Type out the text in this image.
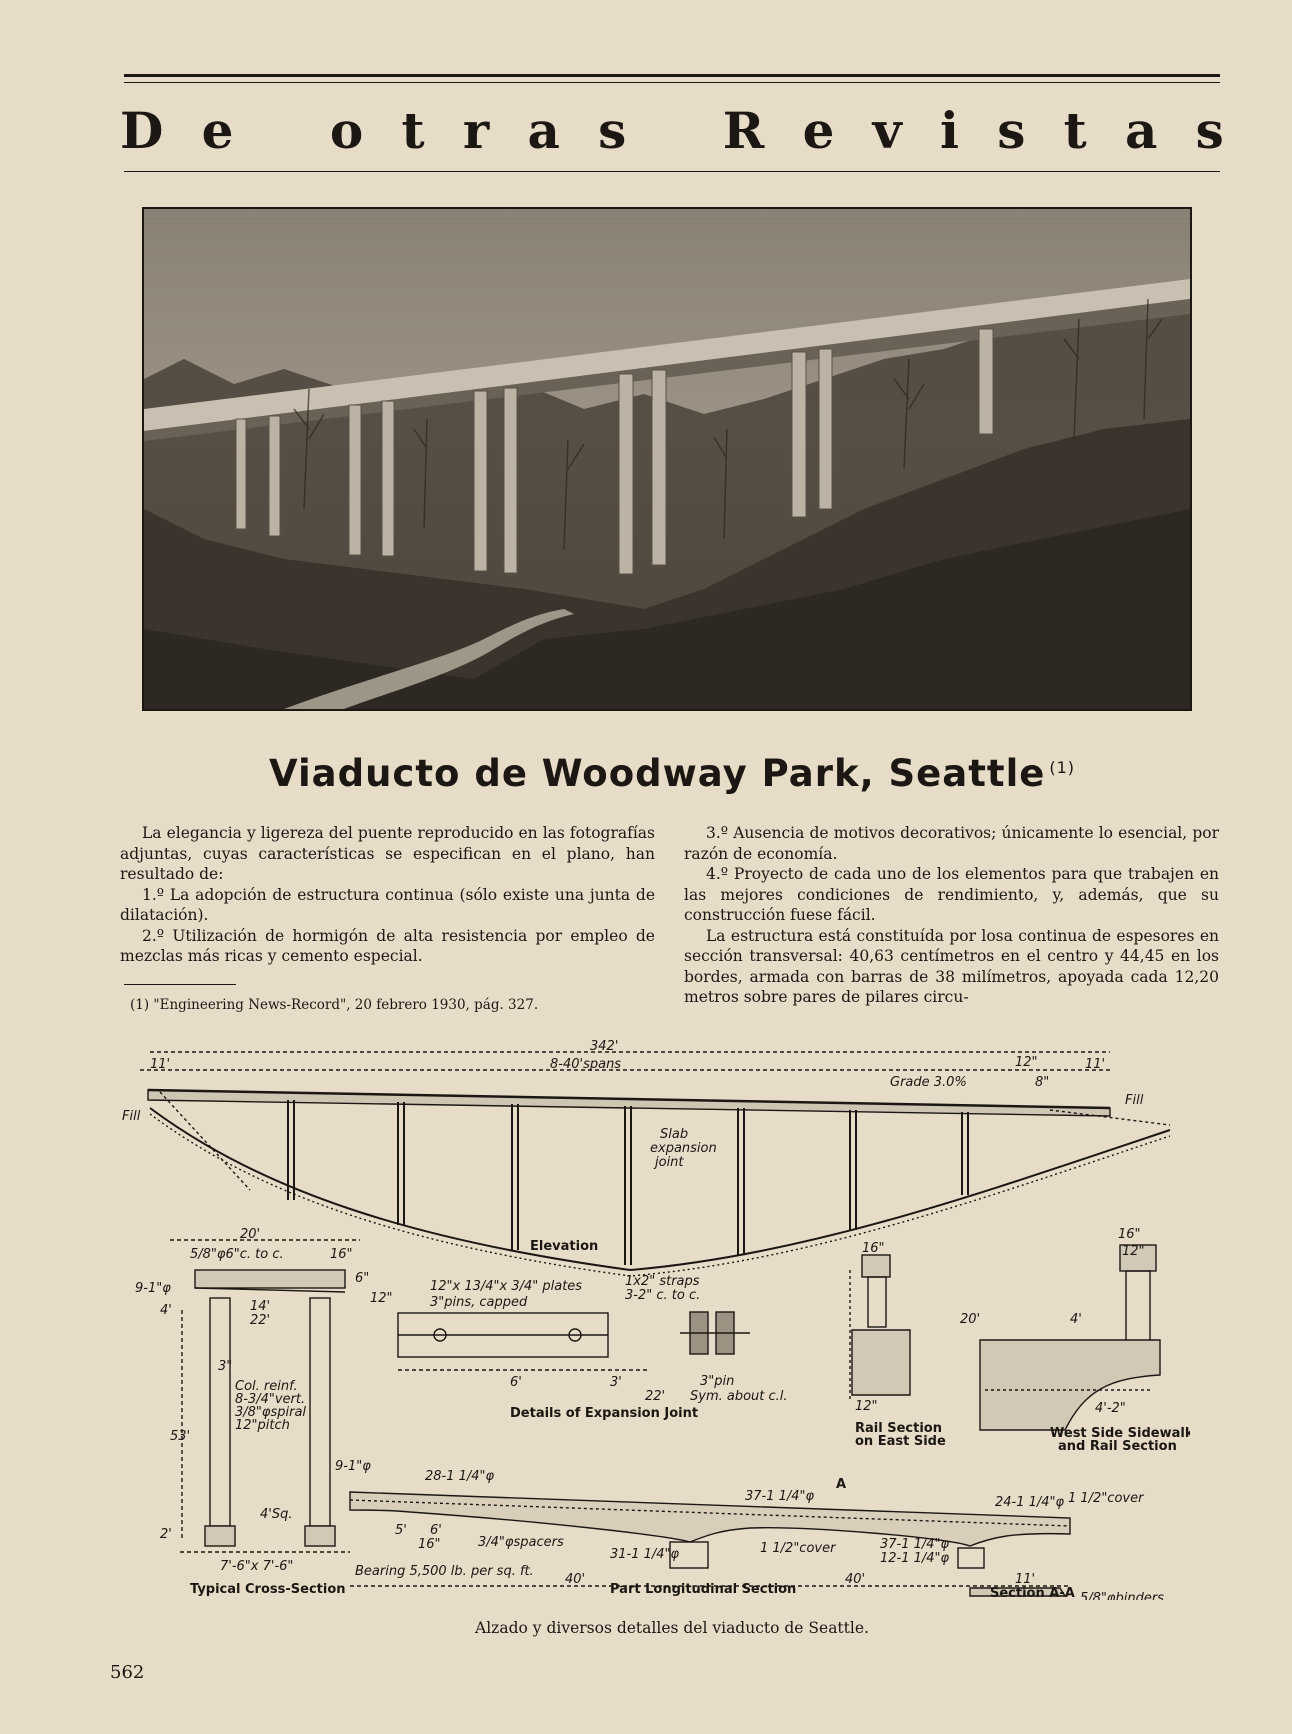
D e o t r a s R e v i s t a s
Viaducto de Woodway Park, Seattle $^{(1)}$

La elegancia y ligereza del puente reproducido en las fotografías adjuntas, cuyas características se especifican en el plano, han resultado de:

1.º La adopción de estructura continua (sólo existe una junta de dilatación).

2.º Utilización de hormigón de alta resistencia por empleo de mezclas más ricas y cemento especial.

(1) "Engineering News-Record", 20 febrero 1930, pág. 327.

3.º Ausencia de motivos decorativos; únicamente lo esencial, por razón de economía.

4.º Proyecto de cada uno de los elementos para que trabajen en las mejores condiciones de rendimiento, y, además, que su construcción fuese fácil.

La estructura está constituída por losa continua de espesores en sección transversal: 40,63 centímetros en el centro y 44,45 en los bordes, armada con barras de 38 milímetros, apoyada cada 12,20 metros sobre pares de pilares circu-

342'
8-40'spans
11'	11'
12"
8"
Grade 3.0%
Fill
Fill
Slab
expansion
joint
Elevation
20'
5/8"φ6"c. to c.	16"
6"
9-1"φ
4'	14'
22'
12"
Col. reinf.
8-3/4"vert.
3/8"φspiral
12"pitch
53'
3"
4'Sq.
2'
7'-6"x 7'-6"	Bearing 5,500 lb. per sq. ft.
Typical Cross-Section
12"x 13/4"x 3/4" plates
3"pins, capped
1x2" straps
3-2" c. to c.
6'	3'
22'
3"pin
Sym. about c.l.
Details of Expansion Joint
16"
12"
Rail Section
on East Side
20'	4'
4'-2"
16"
12"
West Side Sidewalk
and Rail Section
9-1"φ
28-1 1/4"φ
37-1 1/4"φ	24-1 1/4"φ 1 1/2"cover
3/4"φspacers
31-1 1/4"φ	1 1/2"cover	37-1 1/4"φ
12-1 1/4"φ
40'	40'	11'
5' 6'
16"
Part Longitudinal Section
A
Section A-A 5/8"φbinders
Alzado y diversos detalles del viaducto de Seattle.
562
